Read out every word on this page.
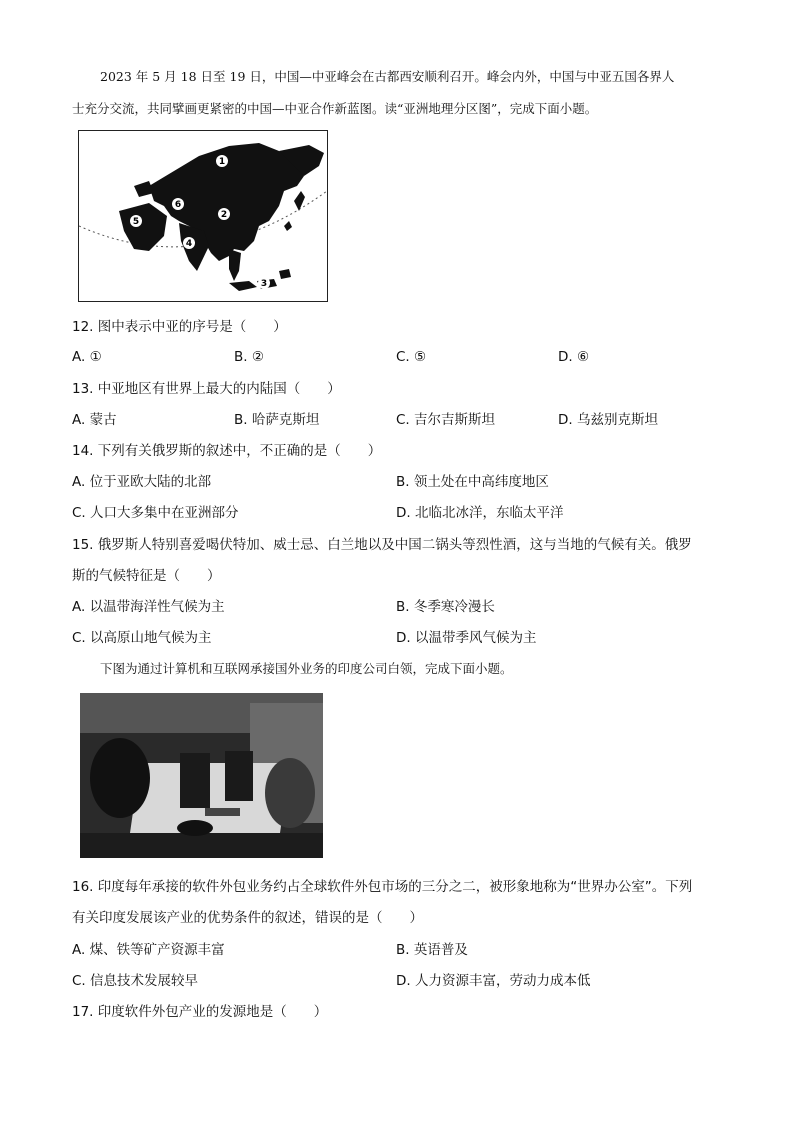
2023 年 5 月 18 日至 19 日，中国—中亚峰会在古都西安顺利召开。峰会内外，中国与中亚五国各界人
士充分交流，共同擘画更紧密的中国—中亚合作新蓝图。读“亚洲地理分区图”，完成下面小题。
1
2
3
4
5
6
12. 图中表示中亚的序号是（　　）
A. ①	B. ②	C. ⑤	D. ⑥
13. 中亚地区有世界上最大的内陆国（　　）
A. 蒙古	B. 哈萨克斯坦	C. 吉尔吉斯斯坦	D. 乌兹别克斯坦
14. 下列有关俄罗斯的叙述中，不正确的是（　　）
A. 位于亚欧大陆的北部	B. 领土处在中高纬度地区
C. 人口大多集中在亚洲部分	D. 北临北冰洋，东临太平洋
15. 俄罗斯人特别喜爱喝伏特加、威士忌、白兰地以及中国二锅头等烈性酒，这与当地的气候有关。俄罗
斯的气候特征是（　　）
A. 以温带海洋性气候为主	B. 冬季寒冷漫长
C. 以高原山地气候为主	D. 以温带季风气候为主
下图为通过计算机和互联网承接国外业务的印度公司白领，完成下面小题。
16. 印度每年承接的软件外包业务约占全球软件外包市场的三分之二，被形象地称为“世界办公室”。下列
有关印度发展该产业的优势条件的叙述，错误的是（　　）
A. 煤、铁等矿产资源丰富	B. 英语普及
C. 信息技术发展较早	D. 人力资源丰富，劳动力成本低
17. 印度软件外包产业的发源地是（　　）
